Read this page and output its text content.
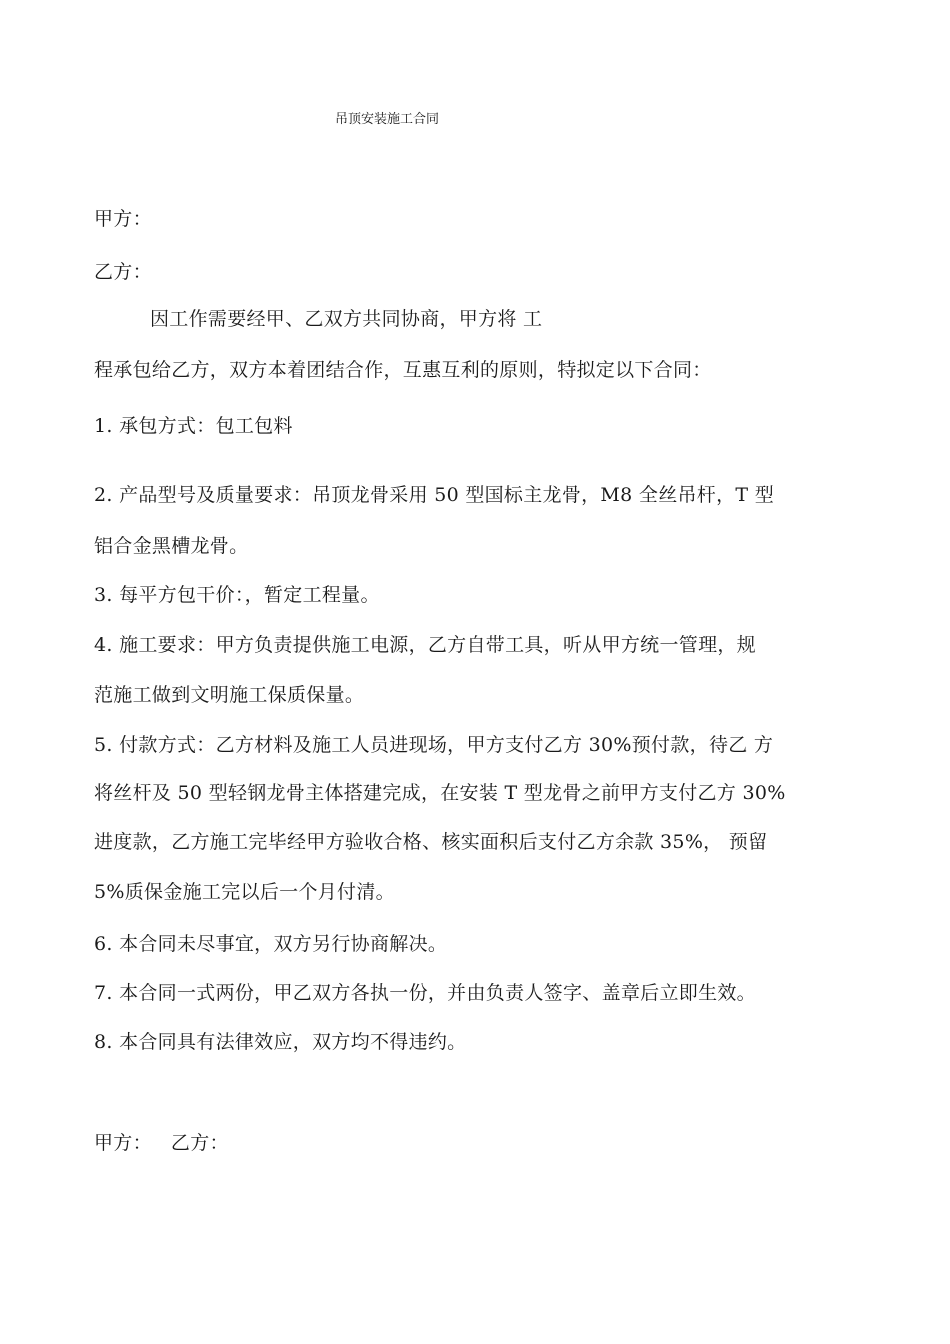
吊顶安装施工合同
甲方：
乙方：
因工作需要经甲、乙双方共同协商，甲方将 工
程承包给乙方，双方本着团结合作，互惠互利的原则，特拟定以下合同：
1. 承包方式：包工包料
2. 产品型号及质量要求：吊顶龙骨采用 50 型国标主龙骨，M8 全丝吊杆，T 型
铝合金黑槽龙骨。
3. 每平方包干价：，暂定工程量。
4. 施工要求：甲方负责提供施工电源，乙方自带工具，听从甲方统一管理，规
范施工做到文明施工保质保量。
5. 付款方式：乙方材料及施工人员进现场，甲方支付乙方 30%预付款，待乙 方
将丝杆及 50 型轻钢龙骨主体搭建完成，在安装 T 型龙骨之前甲方支付乙方 30%
进度款，乙方施工完毕经甲方验收合格、核实面积后支付乙方余款 35%， 预留
5%质保金施工完以后一个月付清。
6. 本合同未尽事宜，双方另行协商解决。
7. 本合同一式两份，甲乙双方各执一份，并由负责人签字、盖章后立即生效。
8. 本合同具有法律效应，双方均不得违约。
甲方：   乙方：
